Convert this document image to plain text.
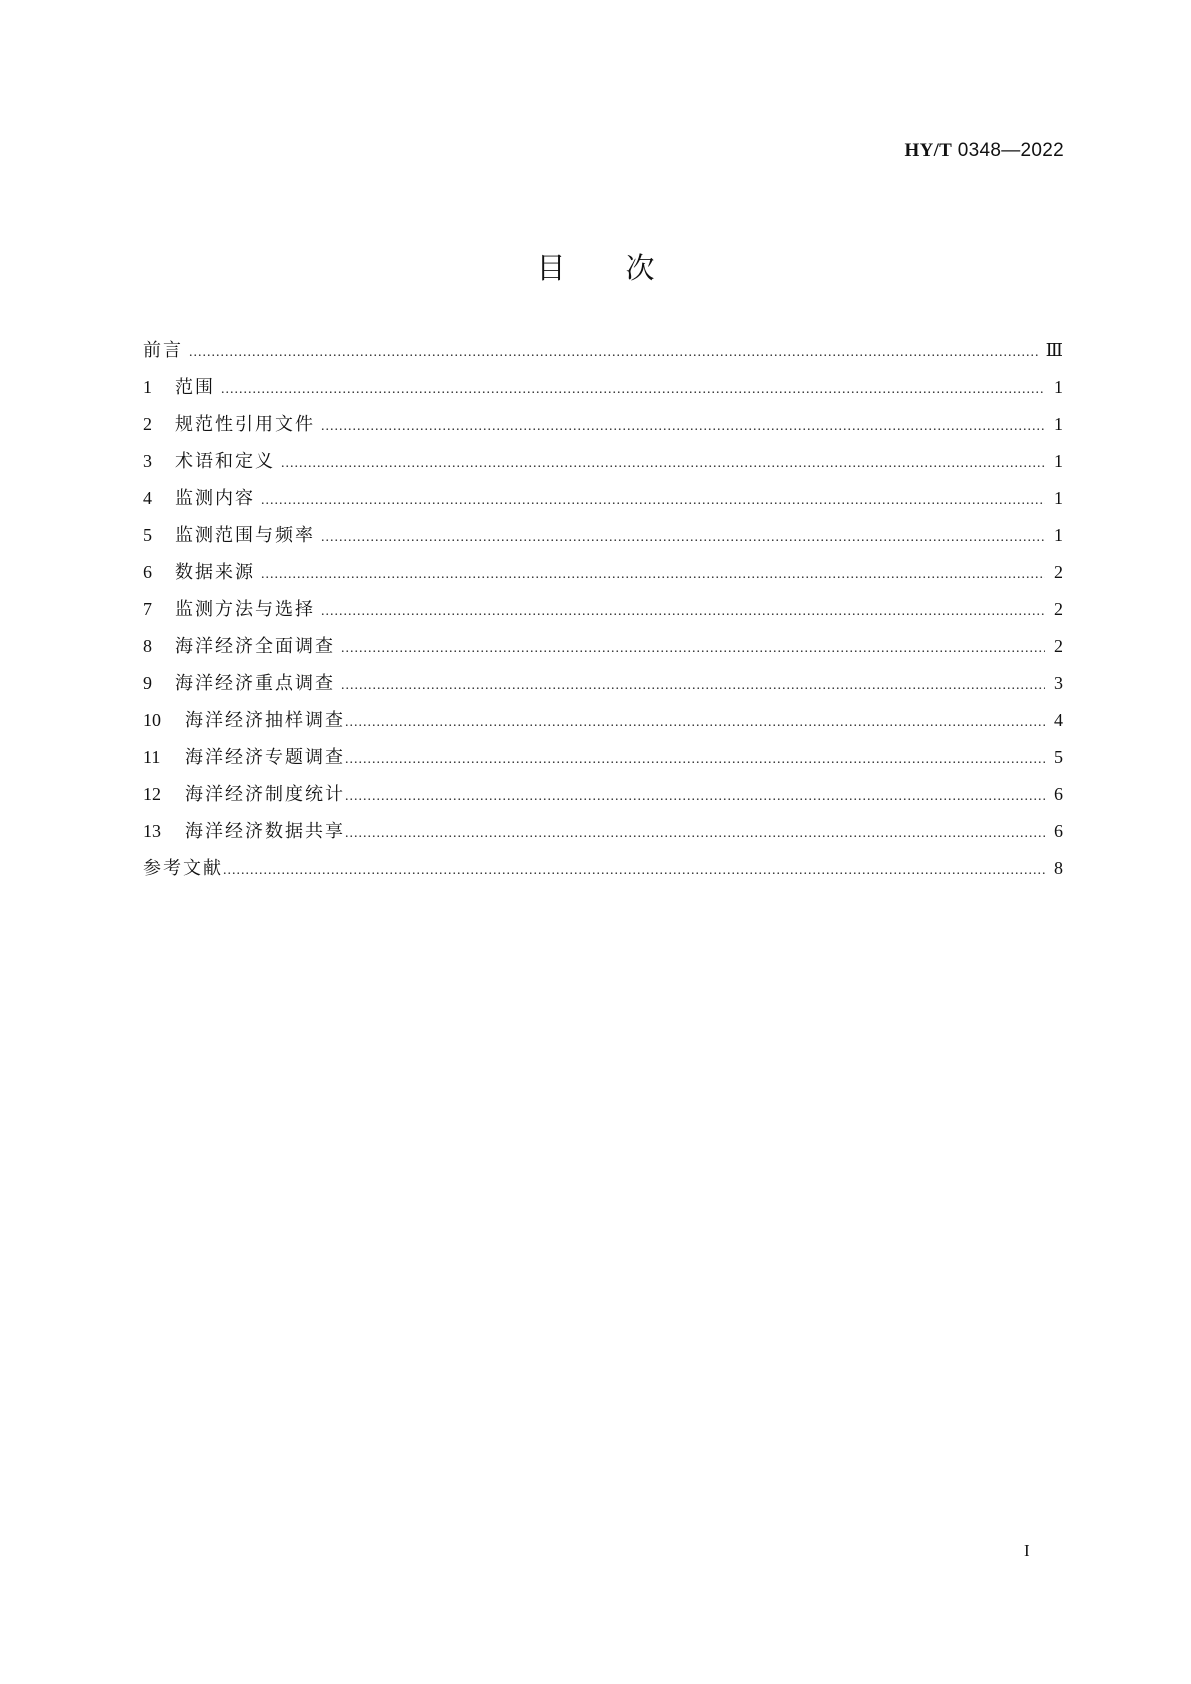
HY/T 0348—2022
目次
前言 .....	Ⅲ
1	范围 .....	1
2	规范性引用文件 .....	1
3	术语和定义 .....	1
4	监测内容 .....	1
5	监测范围与频率 .....	1
6	数据来源 .....	2
7	监测方法与选择 .....	2
8	海洋经济全面调查 .....	2
9	海洋经济重点调查 .....	3
10	海洋经济抽样调查 .....	4
11	海洋经济专题调查 .....	5
12	海洋经济制度统计 .....	6
13	海洋经济数据共享 .....	6
参考文献 .....	8
I
